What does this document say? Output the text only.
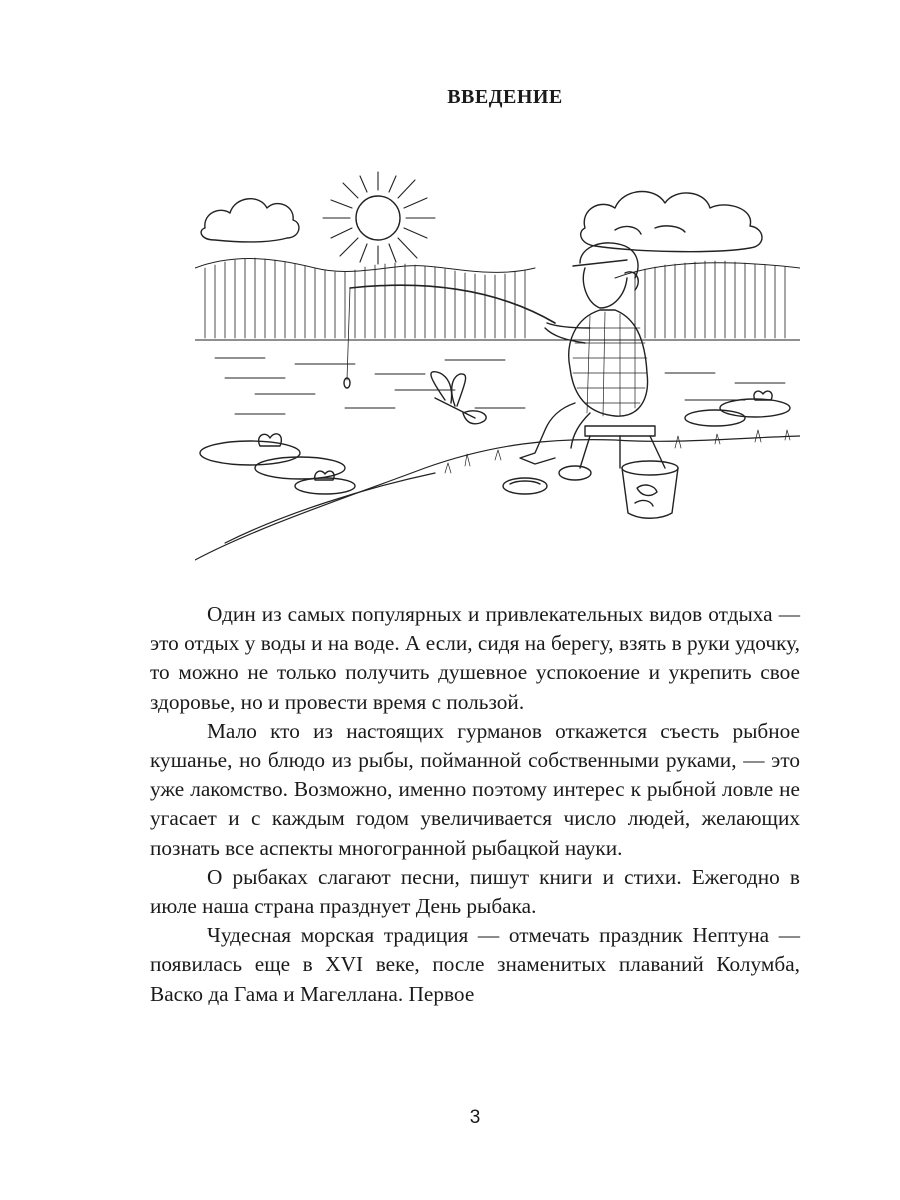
ВВЕДЕНИЕ

Один из самых популярных и привлекательных видов отдыха — это отдых у воды и на воде. А если, сидя на берегу, взять в руки удочку, то можно не только получить душевное успокоение и укрепить свое здоровье, но и провести время с пользой.

Мало кто из настоящих гурманов откажется съесть рыбное кушанье, но блюдо из рыбы, пойманной собственными руками, — это уже лакомство. Возможно, именно поэтому интерес к рыбной ловле не угасает и с каждым годом увеличивается число людей, желающих познать все аспекты многогранной рыбацкой науки.

О рыбаках слагают песни, пишут книги и стихи. Ежегодно в июле наша страна празднует День рыбака.

Чудесная морская традиция — отмечать праздник Нептуна — появилась еще в XVI веке, после знаменитых плаваний Колумба, Васко да Гама и Магеллана. Первое

3
